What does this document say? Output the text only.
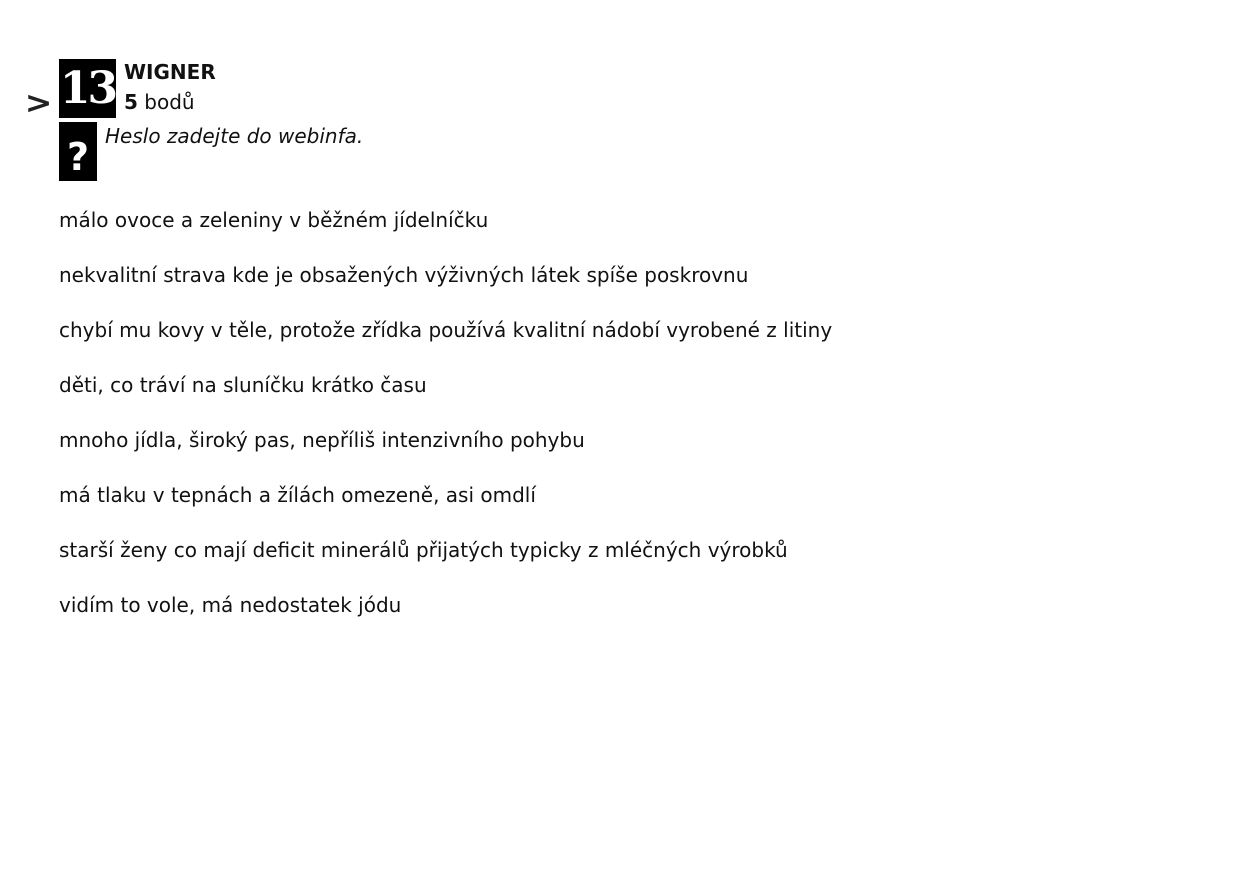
> 13 WIGNER
5 bodů
? Heslo zadejte do webinfa.
málo ovoce a zeleniny v běžném jídelníčku
nekvalitní strava kde je obsažených výživných látek spíše poskrovnu
chybí mu kovy v těle, protože zřídka používá kvalitní nádobí vyrobené z litiny
děti, co tráví na sluníčku krátko času
mnoho jídla, široký pas, nepříliš intenzivního pohybu
má tlaku v tepnách a žílách omezeně, asi omdlí
starší ženy co mají deficit minerálů přijatých typicky z mléčných výrobků
vidím to vole, má nedostatek jódu
